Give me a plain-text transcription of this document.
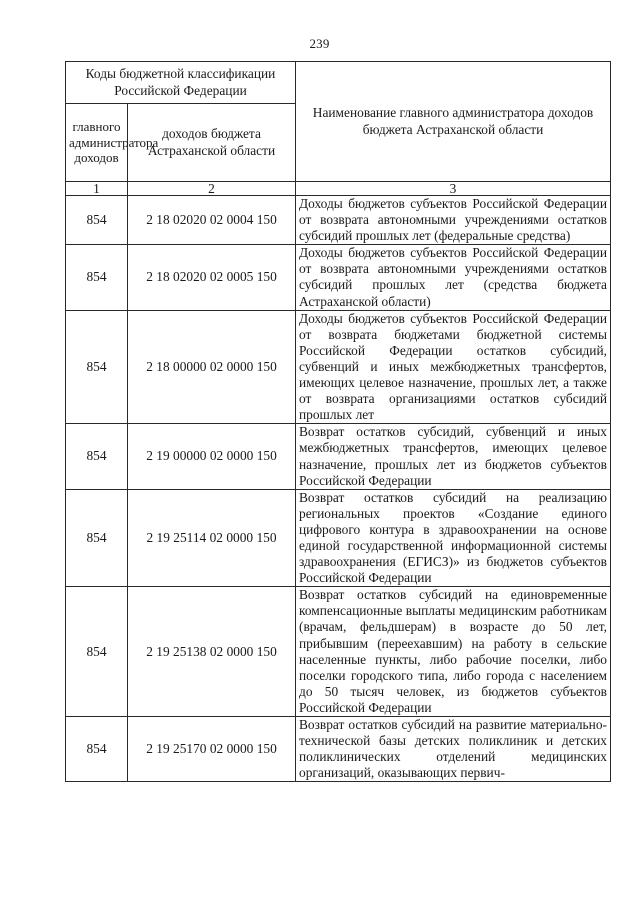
239
Коды бюджетной классификации Российской Федерации		Наименование главного администратора доходов бюджета Астраханской области
главного администратора доходов	доходов бюджета Астраханской области	
1	2	3
854	2 18 02020 02 0004 150	Доходы бюджетов субъектов Российской Федерации от возврата автономными учреждениями остатков субсидий прошлых лет (федеральные средства)

854	2 18 02020 02 0005 150	Доходы бюджетов субъектов Российской Федерации от возврата автономными учреждениями остатков субсидий прошлых лет (средства бюджета Астраханской области)

854	2 18 00000 02 0000 150	Доходы бюджетов субъектов Российской Федерации от возврата бюджетами бюджетной системы Российской Федерации остатков субсидий, субвенций и иных межбюджетных трансфертов, имеющих целевое назначение, прошлых лет, а также от возврата организациями остатков субсидий прошлых лет

854	2 19 00000 02 0000 150	Возврат остатков субсидий, субвенций и иных межбюджетных трансфертов, имеющих целевое назначение, прошлых лет из бюджетов субъектов Российской Федерации

854	2 19 25114 02 0000 150	Возврат остатков субсидий на реализацию региональных проектов «Создание единого цифрового контура в здравоохранении на основе единой государственной информационной системы здравоохранения (ЕГИСЗ)» из бюджетов субъектов Российской Федерации

854	2 19 25138 02 0000 150	Возврат остатков субсидий на единовременные компенсационные выплаты медицинским работникам (врачам, фельдшерам) в возрасте до 50 лет, прибывшим (переехавшим) на работу в сельские населенные пункты, либо рабочие поселки, либо поселки городского типа, либо города с населением до 50 тысяч человек, из бюджетов субъектов Российской Федерации

854	2 19 25170 02 0000 150	Возврат остатков субсидий на развитие материально-технической базы детских поликлиник и детских поликлинических отделений медицинских организаций, оказывающих первич-
